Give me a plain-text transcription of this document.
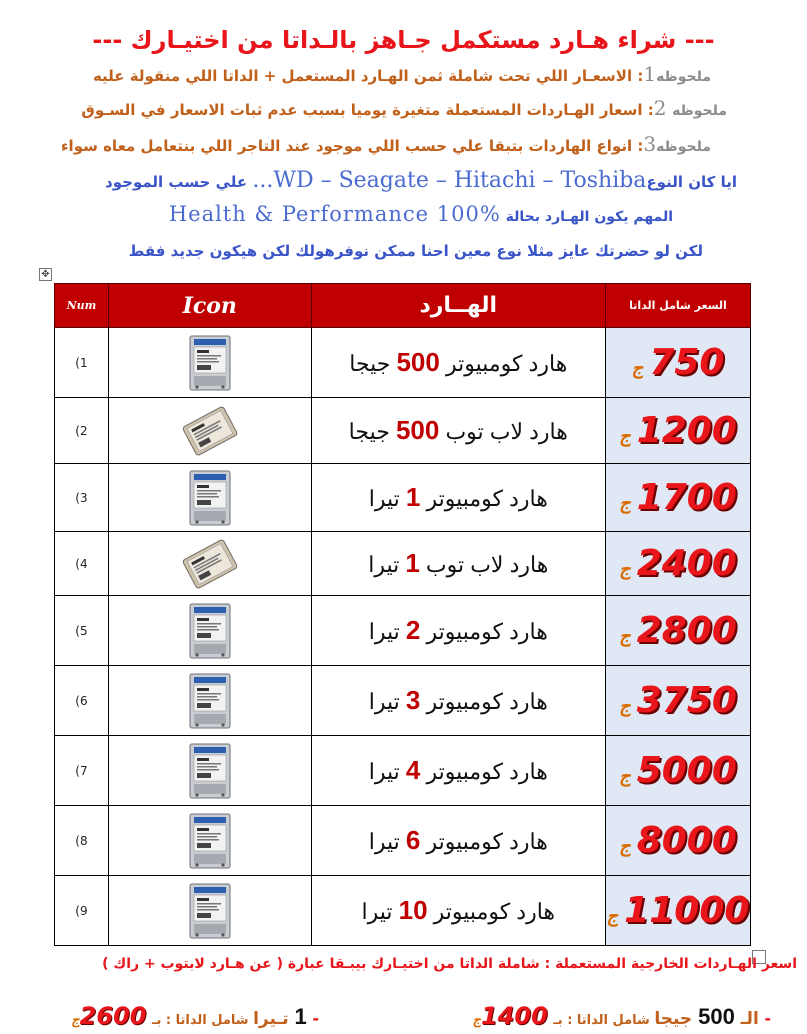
--- شراء هـارد مستكمل جـاهز بالـداتا من اختيـارك ---
ملحوظه1: الاسعـار اللي تحت شاملة ثمن الهـارد المستعمل + الداتا اللي منقولة عليه
ملحوظه 2: اسعار الهـاردات المستعملة متغيرة يوميا بسبب عدم ثبات الاسعار في السـوق
ملحوظه3: انواع الهاردات بتبقا علي حسب اللي موجود عند التاجر اللي بنتعامل معاه سواء
ايا كان النوع...WD – Seagate – Hitachi – Toshiba علي حسب الموجود
المهم يكون الهـارد بحالة Health & Performance 100%
لكن لو حضرتك عايز مثلا نوع معين احنا ممكن نوفرهولك لكن هيكون جديد فقط
✥
Num	Icon	الهــارد	السعر شامل الداتا
1)		هارد كومبيوتر 500 جيجا	750ج
2)		هارد لاب توب 500 جيجا	1200ج
3)		هارد كومبيوتر 1 تيرا	1700ج
4)		هارد لاب توب 1 تيرا	2400ج
5)		هارد كومبيوتر 2 تيرا	2800ج
6)		هارد كومبيوتر 3 تيرا	3750ج
7)		هارد كومبيوتر 4 تيرا	5000ج
8)		هارد كومبيوتر 6 تيرا	8000ج
9)		هارد كومبيوتر 10 تيرا	11000ج
اسعر الهـاردات الخارجية المستعملة : شاملة الداتا من اختيـارك بيبـقا عبارة ( عن هـارد لابتوب + راك )
- الـ 500 جيجا شامل الداتا : بـ 1400ج
- 1 تـيرا شامل الداتا : بـ 2600ج
